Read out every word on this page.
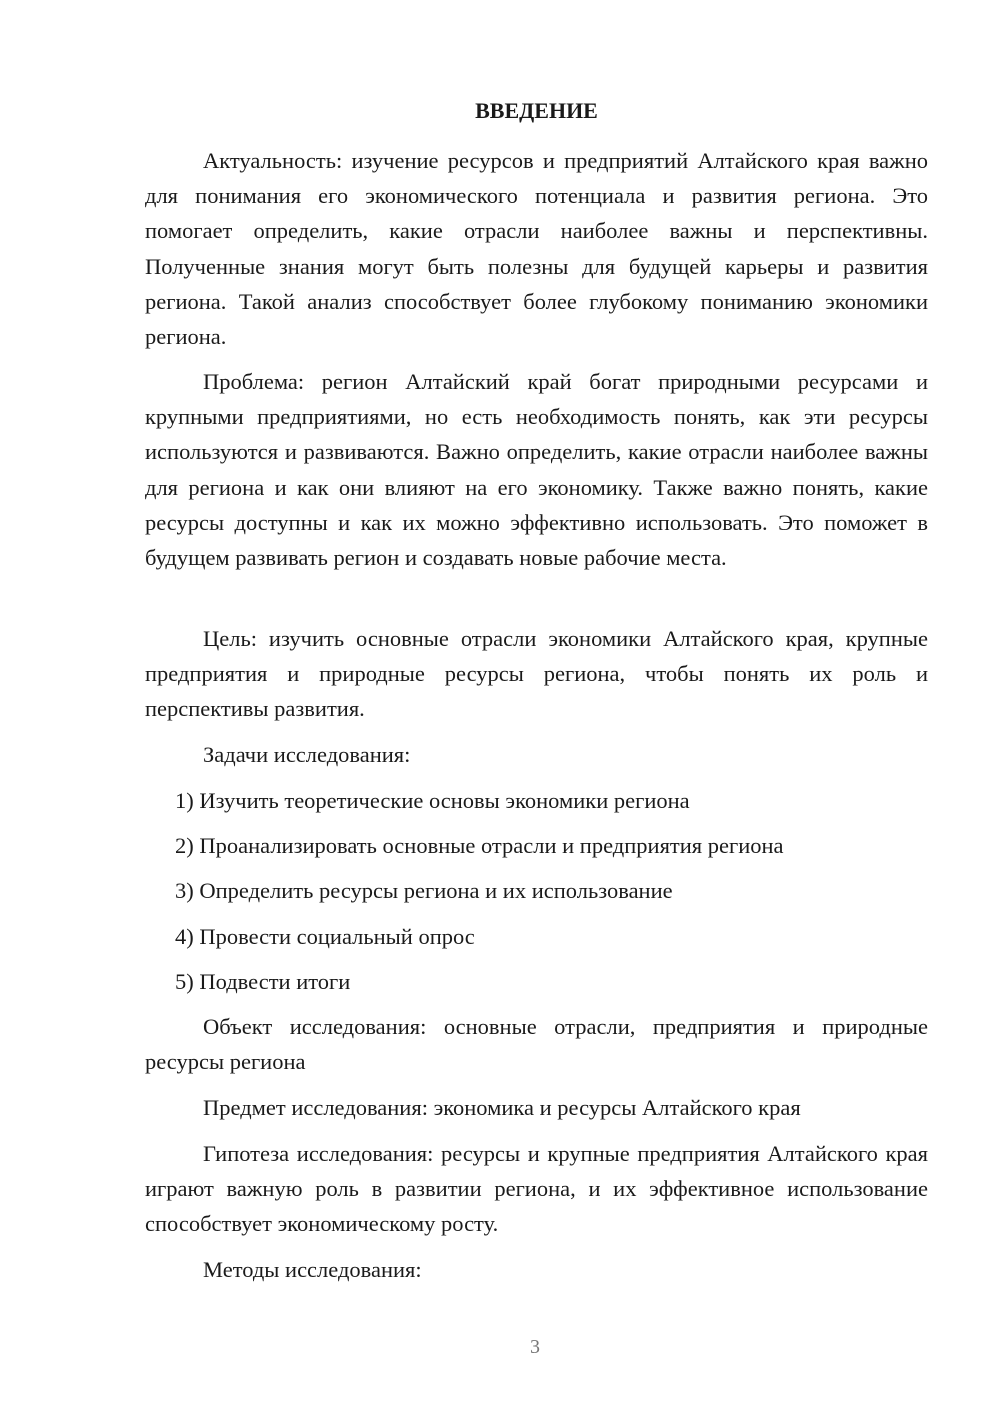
ВВЕДЕНИЕ

Актуальность: изучение ресурсов и предприятий Алтайского края важно для понимания его экономического потенциала и развития региона. Это помогает определить, какие отрасли наиболее важны и перспективны. Полученные знания могут быть полезны для будущей карьеры и развития региона. Такой анализ способствует более глубокому пониманию экономики региона.

Проблема: регион Алтайский край богат природными ресурсами и крупными предприятиями, но есть необходимость понять, как эти ресурсы используются и развиваются. Важно определить, какие отрасли наиболее важны для региона и как они влияют на его экономику. Также важно понять, какие ресурсы доступны и как их можно эффективно использовать. Это поможет в будущем развивать регион и создавать новые рабочие места.

Цель: изучить основные отрасли экономики Алтайского края, крупные предприятия и природные ресурсы региона, чтобы понять их роль и перспективы развития.

Задачи исследования:

1) Изучить теоретические основы экономики региона

2) Проанализировать основные отрасли и предприятия региона

3) Определить ресурсы региона и их использование

4) Провести социальный опрос

5) Подвести итоги

Объект исследования: основные отрасли, предприятия и природные ресурсы региона

Предмет исследования: экономика и ресурсы Алтайского края

Гипотеза исследования: ресурсы и крупные предприятия Алтайского края играют важную роль в развитии региона, и их эффективное использование способствует экономическому росту.

Методы исследования:

3
